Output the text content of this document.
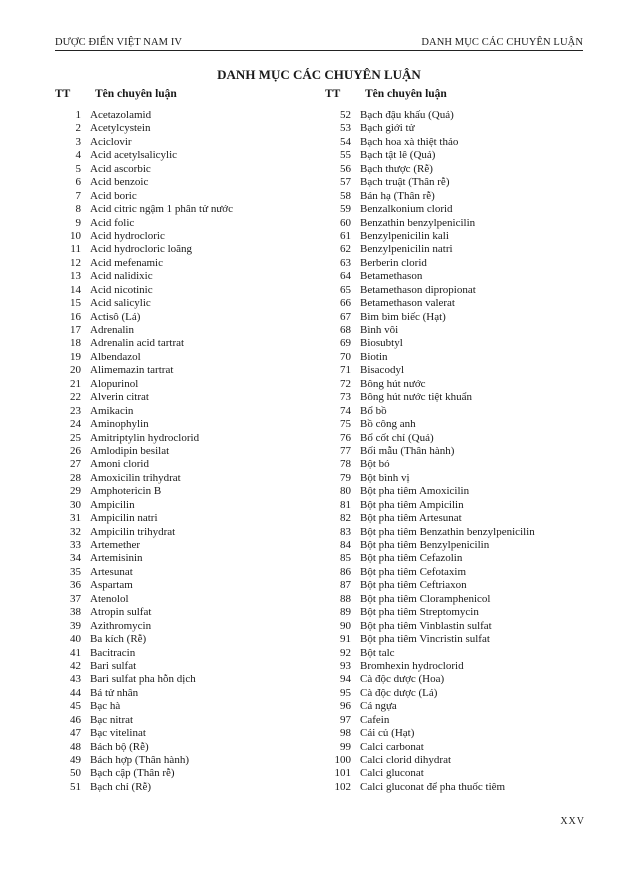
DƯỢC ĐIỂN VIỆT NAM IV	DANH MỤC CÁC CHUYÊN LUẬN
DANH MỤC CÁC CHUYÊN LUẬN
TT	Tên chuyên luận
1 Acetazolamid
2 Acetylcystein
3 Aciclovir
4 Acid acetylsalicylic
5 Acid ascorbic
6 Acid benzoic
7 Acid boric
8 Acid citric ngậm 1 phân tử nước
9 Acid folic
10 Acid hydrocloric
11 Acid hydrocloric loãng
12 Acid mefenamic
13 Acid nalidixic
14 Acid nicotinic
15 Acid salicylic
16 Actisô (Lá)
17 Adrenalin
18 Adrenalin acid tartrat
19 Albendazol
20 Alimemazin tartrat
21 Alopurinol
22 Alverin citrat
23 Amikacin
24 Aminophylin
25 Amitriptylin hydroclorid
26 Amlodipin besilat
27 Amoni clorid
28 Amoxicilin trihydrat
29 Amphotericin B
30 Ampicilin
31 Ampicilin natri
32 Ampicilin trihydrat
33 Artemether
34 Artemisinin
35 Artesunat
36 Aspartam
37 Atenolol
38 Atropin sulfat
39 Azithromycin
40 Ba kích (Rễ)
41 Bacitracin
42 Bari sulfat
43 Bari sulfat pha hỗn dịch
44 Bá tử nhân
45 Bạc hà
46 Bạc nitrat
47 Bạc vitelinat
48 Bách bộ (Rễ)
49 Bách hợp (Thân hành)
50 Bạch cập (Thân rễ)
51 Bạch chỉ (Rễ)
TT	Tên chuyên luận
52 Bạch đậu khấu (Quả)
53 Bạch giới tử
54 Bạch hoa xà thiệt thảo
55 Bạch tật lê (Quả)
56 Bạch thược (Rễ)
57 Bạch truật (Thân rễ)
58 Bán hạ (Thân rễ)
59 Benzalkonium clorid
60 Benzathin benzylpenicilin
61 Benzylpenicilin kali
62 Benzylpenicilin natri
63 Berberin clorid
64 Betamethason
65 Betamethason dipropionat
66 Betamethason valerat
67 Bìm bìm biếc (Hạt)
68 Bình vôi
69 Biosubtyl
70 Biotin
71 Bisacodyl
72 Bông hút nước
73 Bông hút nước tiệt khuẩn
74 Bổ bồ
75 Bồ công anh
76 Bổ cốt chỉ (Quả)
77 Bối mẫu (Thân hành)
78 Bột bó
79 Bột bình vị
80 Bột pha tiêm Amoxicilin
81 Bột pha tiêm Ampicilin
82 Bột pha tiêm Artesunat
83 Bột pha tiêm Benzathin benzylpenicilin
84 Bột pha tiêm Benzylpenicilin
85 Bột pha tiêm Cefazolin
86 Bột pha tiêm Cefotaxim
87 Bột pha tiêm Ceftriaxon
88 Bột pha tiêm Cloramphenicol
89 Bột pha tiêm Streptomycin
90 Bột pha tiêm Vinblastin sulfat
91 Bột pha tiêm Vincristin sulfat
92 Bột talc
93 Bromhexin hydroclorid
94 Cà độc dược (Hoa)
95 Cà độc dược (Lá)
96 Cá ngựa
97 Cafein
98 Cải củ (Hạt)
99 Calci carbonat
100 Calci clorid dihydrat
101 Calci gluconat
102 Calci gluconat để pha thuốc tiêm
XXV
